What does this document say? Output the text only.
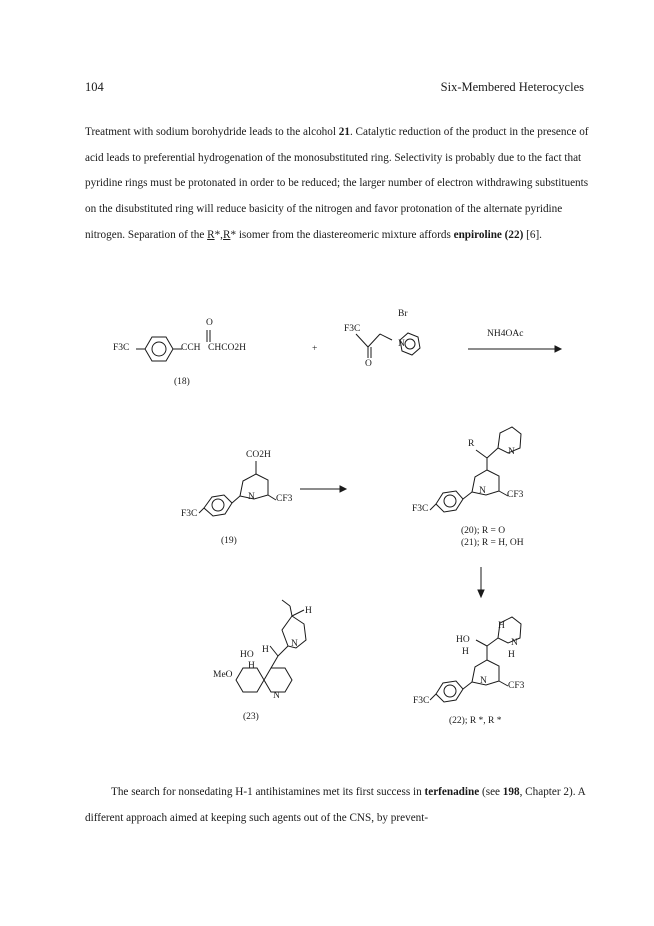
104	Six-Membered Heterocycles

Treatment with sodium borohydride leads to the alcohol 21. Catalytic reduction of the product in the presence of acid leads to preferential hydrogenation of the monosubstituted ring. Selectivity is probably due to the fact that pyridine rings must be protonated in order to be reduced; the larger number of electron withdrawing substituents on the disubstituted ring will reduce basicity of the nitrogen and favor protonation of the alternate pyridine nitrogen. Separation of the R*,R* isomer from the diastereomeric mixture affords enpiroline (22) [6].

O
F3C	CCH CHCO2H	+
Br
F3C
N
O
NH4OAc
(18)
CO2H
N CF3
F3C
(19)
R
N
N CF3
F3C
(20); R = O
(21); R = H, OH
H
N
H
HO
H
MeO
N
(23)
H
HO	N
H	H
N CF3
F3C
(22); R *, R *

The search for nonsedating H-1 antihistamines met its first success in terfenadine (see 198, Chapter 2). A different approach aimed at keeping such agents out of the CNS, by prevent-
